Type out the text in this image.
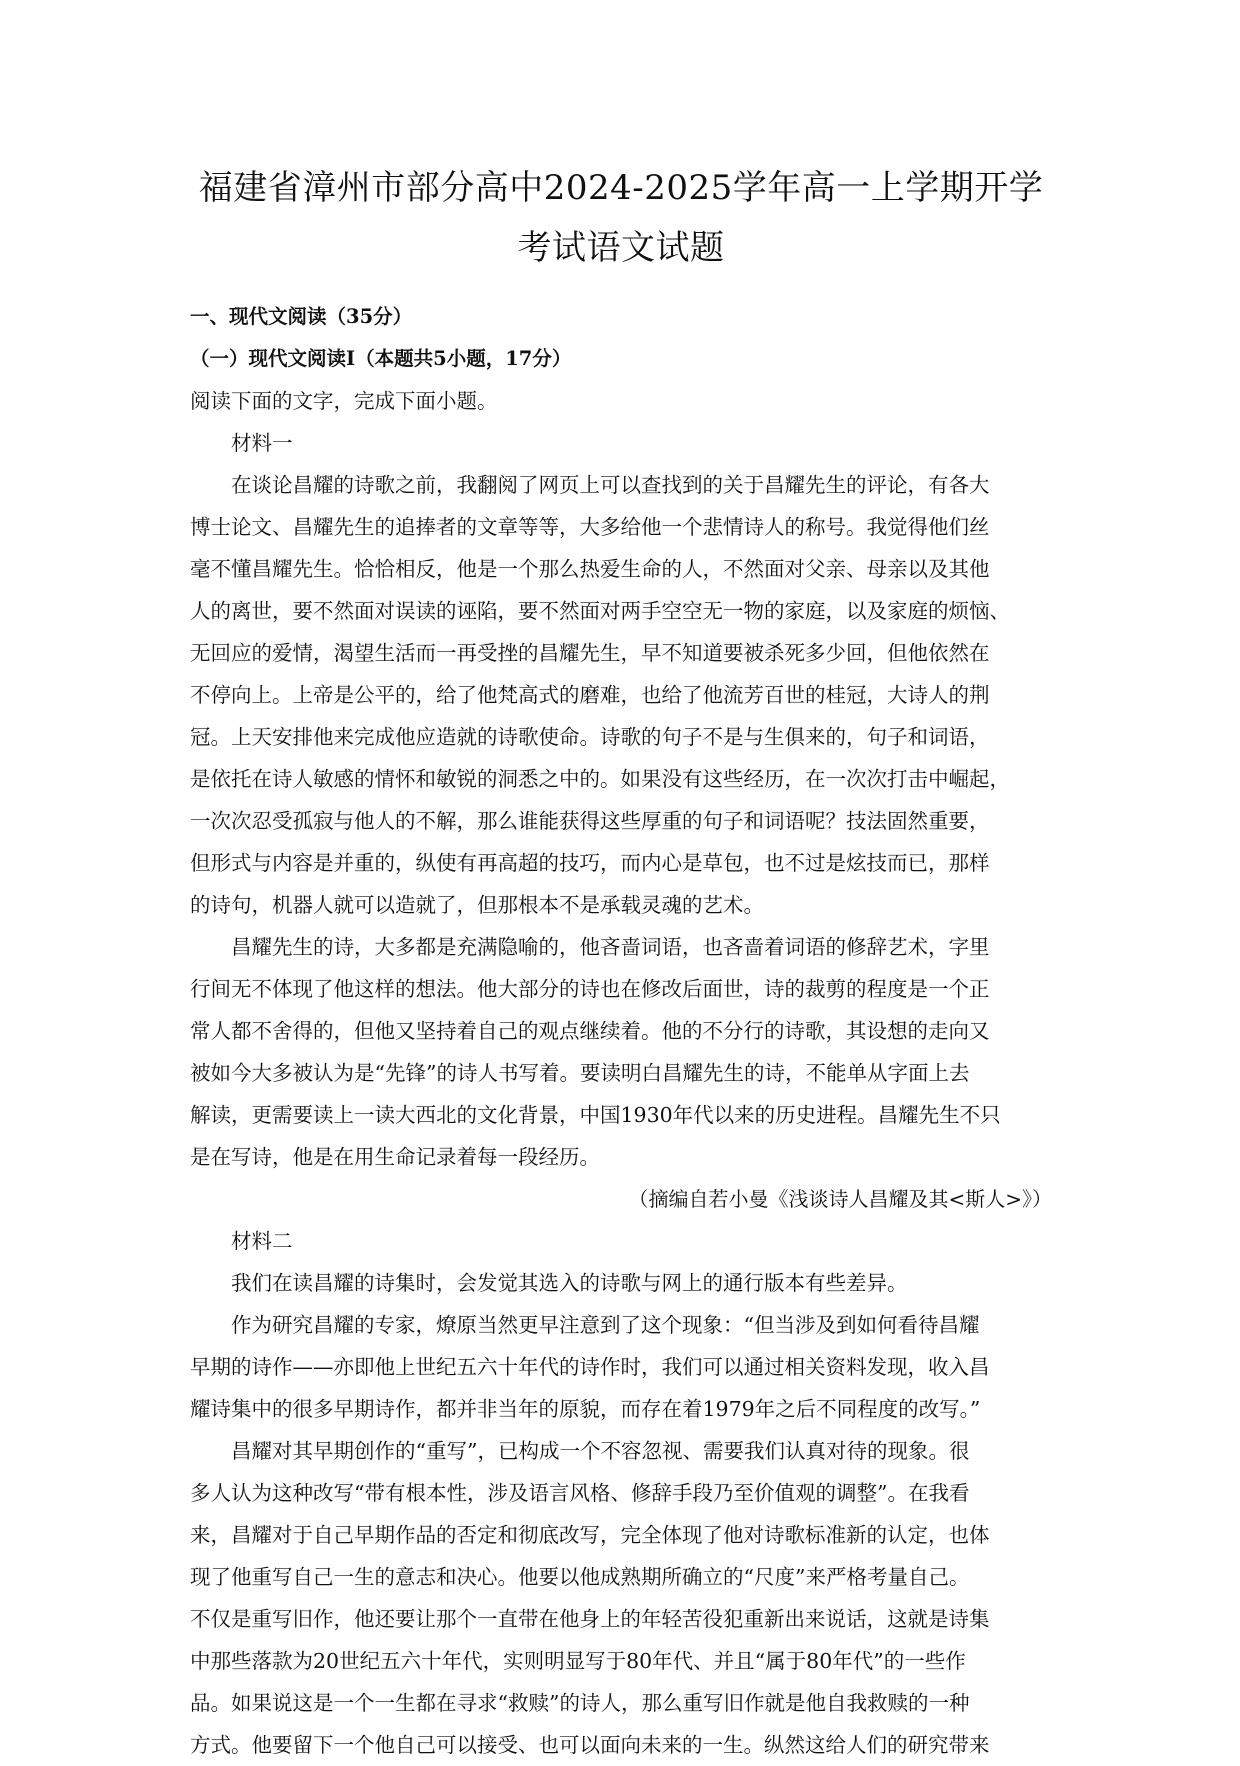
福建省漳州市部分高中2024-2025学年高一上学期开学
考试语文试题

一、现代文阅读（35分）

（一）现代文阅读Ⅰ（本题共5小题，17分）

阅读下面的文字，完成下面小题。

材料一

在谈论昌耀的诗歌之前，我翻阅了网页上可以查找到的关于昌耀先生的评论，有各大

博士论文、昌耀先生的追捧者的文章等等，大多给他一个悲情诗人的称号。我觉得他们丝

毫不懂昌耀先生。恰恰相反，他是一个那么热爱生命的人，不然面对父亲、母亲以及其他

人的离世，要不然面对误读的诬陷，要不然面对两手空空无一物的家庭，以及家庭的烦恼、

无回应的爱情，渴望生活而一再受挫的昌耀先生，早不知道要被杀死多少回，但他依然在

不停向上。上帝是公平的，给了他梵高式的磨难，也给了他流芳百世的桂冠，大诗人的荆

冠。上天安排他来完成他应造就的诗歌使命。诗歌的句子不是与生俱来的，句子和词语，

是依托在诗人敏感的情怀和敏锐的洞悉之中的。如果没有这些经历，在一次次打击中崛起，

一次次忍受孤寂与他人的不解，那么谁能获得这些厚重的句子和词语呢？技法固然重要，

但形式与内容是并重的，纵使有再高超的技巧，而内心是草包，也不过是炫技而已，那样

的诗句，机器人就可以造就了，但那根本不是承载灵魂的艺术。

昌耀先生的诗，大多都是充满隐喻的，他吝啬词语，也吝啬着词语的修辞艺术，字里

行间无不体现了他这样的想法。他大部分的诗也在修改后面世，诗的裁剪的程度是一个正

常人都不舍得的，但他又坚持着自己的观点继续着。他的不分行的诗歌，其设想的走向又

被如今大多被认为是“先锋”的诗人书写着。要读明白昌耀先生的诗，不能单从字面上去

解读，更需要读上一读大西北的文化背景，中国1930年代以来的历史进程。昌耀先生不只

是在写诗，他是在用生命记录着每一段经历。

（摘编自若小曼《浅谈诗人昌耀及其<斯人>》）

材料二

我们在读昌耀的诗集时，会发觉其选入的诗歌与网上的通行版本有些差异。

作为研究昌耀的专家，燎原当然更早注意到了这个现象：“但当涉及到如何看待昌耀

早期的诗作——亦即他上世纪五六十年代的诗作时，我们可以通过相关资料发现，收入昌

耀诗集中的很多早期诗作，都并非当年的原貌，而存在着1979年之后不同程度的改写。”

昌耀对其早期创作的“重写”，已构成一个不容忽视、需要我们认真对待的现象。很

多人认为这种改写“带有根本性，涉及语言风格、修辞手段乃至价值观的调整”。在我看

来，昌耀对于自己早期作品的否定和彻底改写，完全体现了他对诗歌标准新的认定，也体

现了他重写自己一生的意志和决心。他要以他成熟期所确立的“尺度”来严格考量自己。

不仅是重写旧作，他还要让那个一直带在他身上的年轻苦役犯重新出来说话，这就是诗集

中那些落款为20世纪五六十年代，实则明显写于80年代、并且“属于80年代”的一些作

品。如果说这是一个一生都在寻求“救赎”的诗人，那么重写旧作就是他自我救赎的一种

方式。他要留下一个他自己可以接受、也可以面向未来的一生。纵然这给人们的研究带来
